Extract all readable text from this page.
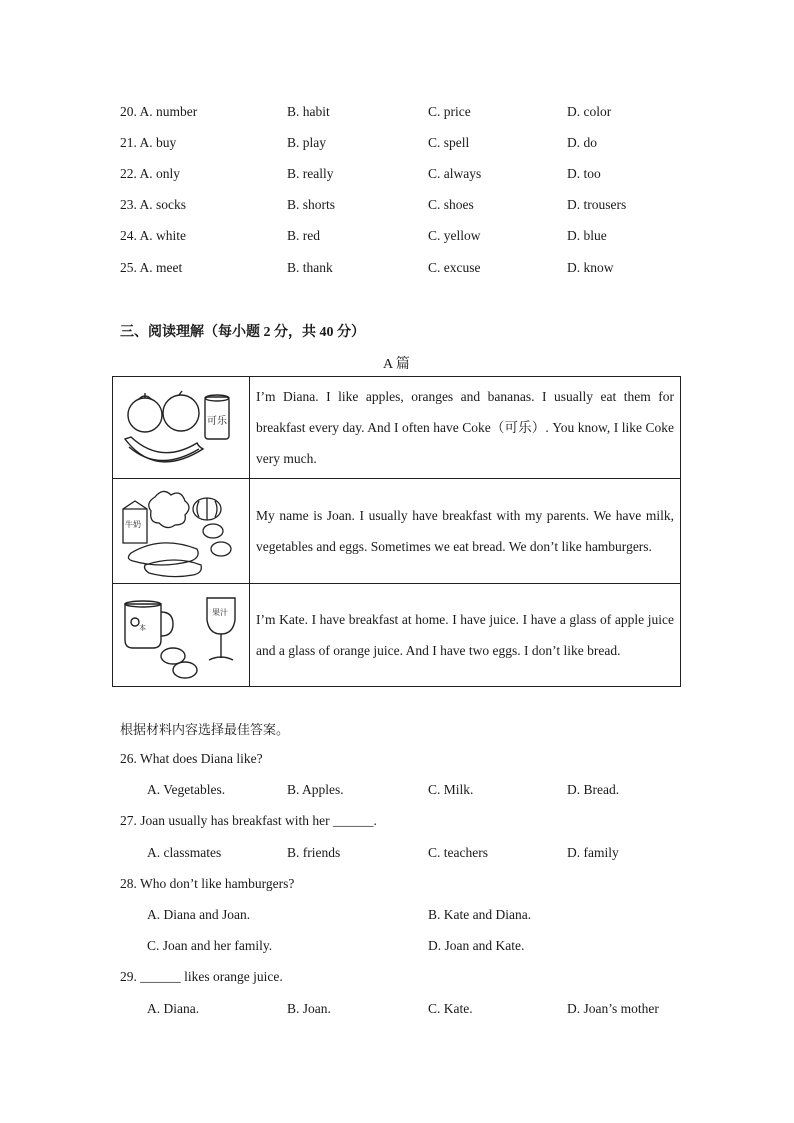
20. A. number	B. habit	C. price	D. color
21. A. buy	B. play	C. spell	D. do
22. A. only	B. really	C. always	D. too
23. A. socks	B. shorts	C. shoes	D. trousers
24. A. white	B. red	C. yellow	D. blue
25. A. meet	B. thank	C. excuse	D. know
三、阅读理解（每小题 2 分，共 40 分）
A 篇
可乐	I’m Diana. I like apples, oranges and bananas. I usually eat them for breakfast every day. And I often have Coke（可乐）. You know, I like Coke very much.

牛奶	My name is Joan. I usually have breakfast with my parents. We have milk, vegetables and eggs. Sometimes we eat bread. We don’t like hamburgers.

本
果汁	I’m Kate. I have breakfast at home. I have juice. I have a glass of apple juice and a glass of orange juice. And I have two eggs. I don’t like bread.
根据材料内容选择最佳答案。
26. What does Diana like?
A. Vegetables.	B. Apples.	C. Milk.	D. Bread.
27. Joan usually has breakfast with her ______.
A. classmates	B. friends	C. teachers	D. family
28. Who don’t like hamburgers?
A. Diana and Joan.	B. Kate and Diana.
C. Joan and her family.	D. Joan and Kate.
29. ______ likes orange juice.
A. Diana.	B. Joan.	C. Kate.	D. Joan’s mother
